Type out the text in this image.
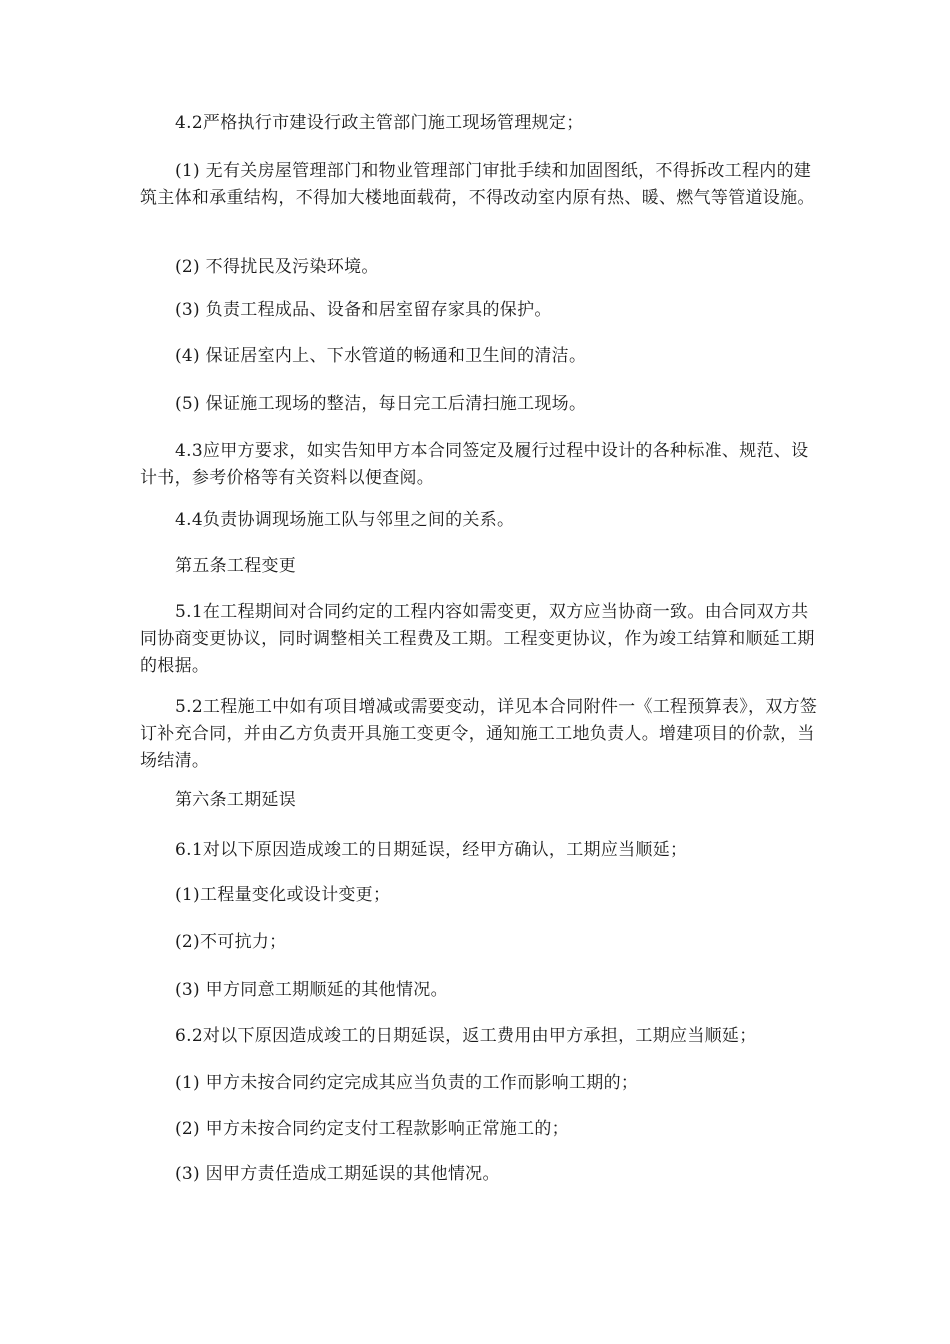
4.2严格执行市建设行政主管部门施工现场管理规定；

(1) 无有关房屋管理部门和物业管理部门审批手续和加固图纸，不得拆改工程内的建筑主体和承重结构，不得加大楼地面载荷，不得改动室内原有热、暖、燃气等管道设施。

(2) 不得扰民及污染环境。

(3) 负责工程成品、设备和居室留存家具的保护。

(4) 保证居室内上、下水管道的畅通和卫生间的清洁。

(5) 保证施工现场的整洁，每日完工后清扫施工现场。

4.3应甲方要求，如实告知甲方本合同签定及履行过程中设计的各种标准、规范、设计书，参考价格等有关资料以便查阅。

4.4负责协调现场施工队与邻里之间的关系。

第五条工程变更

5.1在工程期间对合同约定的工程内容如需变更，双方应当协商一致。由合同双方共同协商变更协议，同时调整相关工程费及工期。工程变更协议，作为竣工结算和顺延工期的根据。

5.2工程施工中如有项目增减或需要变动，详见本合同附件一《工程预算表》，双方签订补充合同，并由乙方负责开具施工变更令，通知施工工地负责人。增建项目的价款，当场结清。

第六条工期延误

6.1对以下原因造成竣工的日期延误，经甲方确认，工期应当顺延；

(1)工程量变化或设计变更；

(2)不可抗力；

(3) 甲方同意工期顺延的其他情况。

6.2对以下原因造成竣工的日期延误，返工费用由甲方承担，工期应当顺延；

(1) 甲方未按合同约定完成其应当负责的工作而影响工期的；

(2) 甲方未按合同约定支付工程款影响正常施工的；

(3) 因甲方责任造成工期延误的其他情况。
